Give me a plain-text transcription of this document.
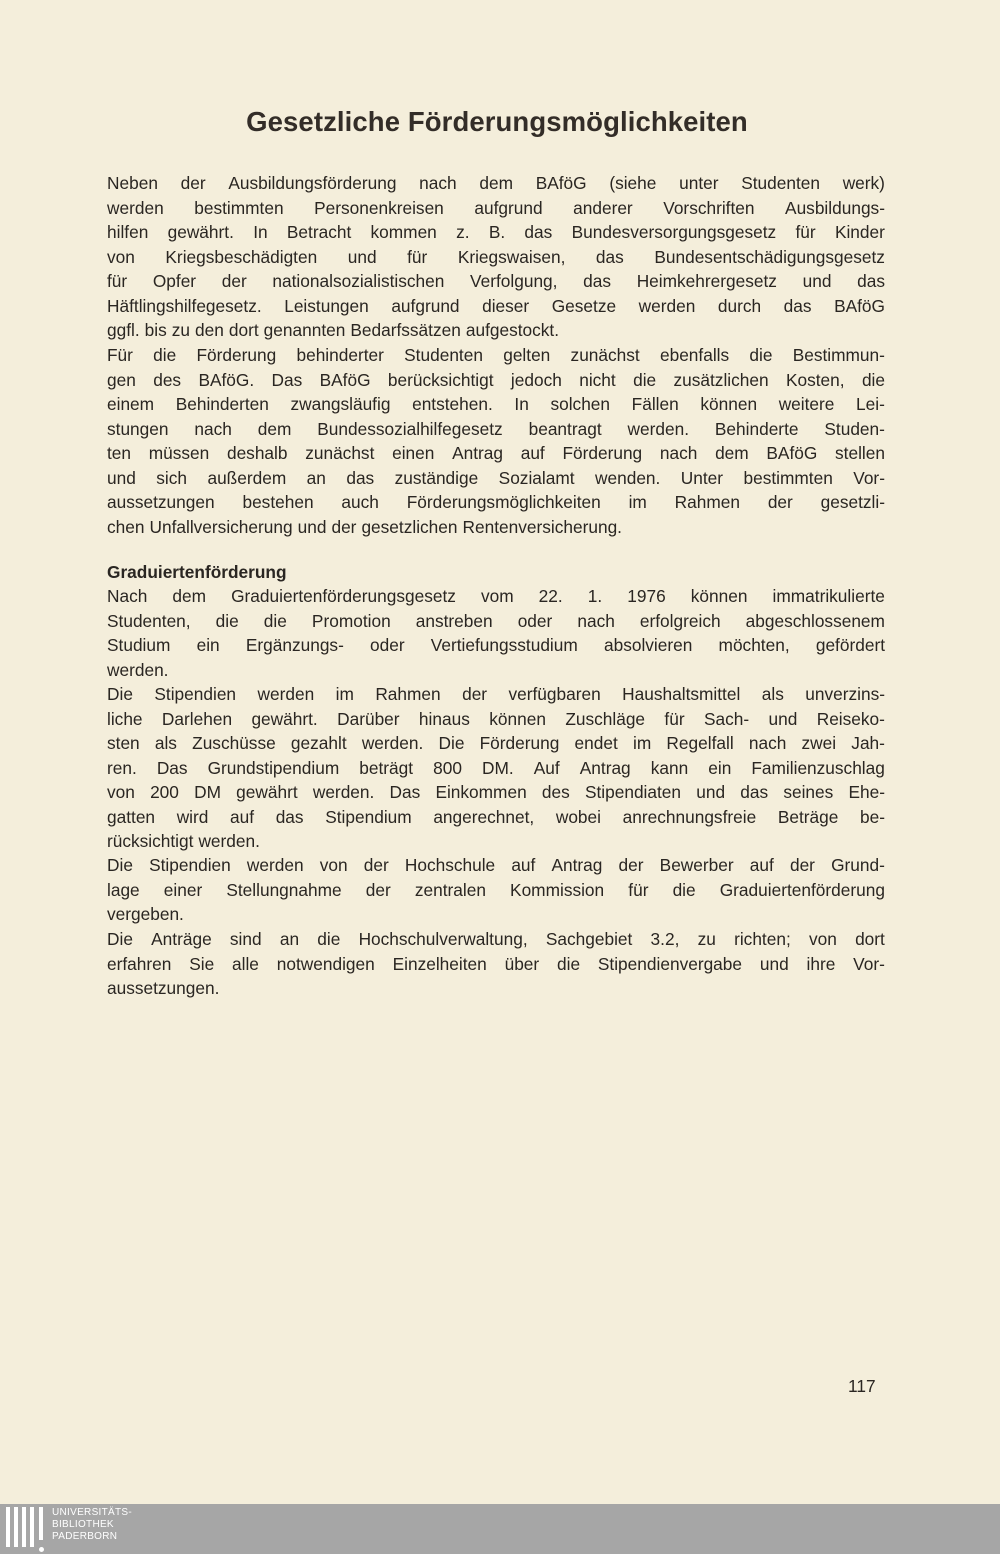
Gesetzliche Förderungsmöglichkeiten
Neben der Ausbildungsförderung nach dem BAföG (siehe unter Studenten werk)
werden bestimmten Personenkreisen aufgrund anderer Vorschriften Ausbildungs-
hilfen gewährt. In Betracht kommen z. B. das Bundesversorgungsgesetz für Kinder
von Kriegsbeschädigten und für Kriegswaisen, das Bundesentschädigungsgesetz
für Opfer der nationalsozialistischen Verfolgung, das Heimkehrergesetz und das
Häftlingshilfegesetz. Leistungen aufgrund dieser Gesetze werden durch das BAföG
ggfl. bis zu den dort genannten Bedarfssätzen aufgestockt.
Für die Förderung behinderter Studenten gelten zunächst ebenfalls die Bestimmun-
gen des BAföG. Das BAföG berücksichtigt jedoch nicht die zusätzlichen Kosten, die
einem Behinderten zwangsläufig entstehen. In solchen Fällen können weitere Lei-
stungen nach dem Bundessozialhilfegesetz beantragt werden. Behinderte Studen-
ten müssen deshalb zunächst einen Antrag auf Förderung nach dem BAföG stellen
und sich außerdem an das zuständige Sozialamt wenden. Unter bestimmten Vor-
aussetzungen bestehen auch Förderungsmöglichkeiten im Rahmen der gesetzli-
chen Unfallversicherung und der gesetzlichen Rentenversicherung.
Graduiertenförderung
Nach dem Graduiertenförderungsgesetz vom 22. 1. 1976 können immatrikulierte
Studenten, die die Promotion anstreben oder nach erfolgreich abgeschlossenem
Studium ein Ergänzungs- oder Vertiefungsstudium absolvieren möchten, gefördert
werden.
Die Stipendien werden im Rahmen der verfügbaren Haushaltsmittel als unverzins-
liche Darlehen gewährt. Darüber hinaus können Zuschläge für Sach- und Reiseko-
sten als Zuschüsse gezahlt werden. Die Förderung endet im Regelfall nach zwei Jah-
ren. Das Grundstipendium beträgt 800 DM. Auf Antrag kann ein Familienzuschlag
von 200 DM gewährt werden. Das Einkommen des Stipendiaten und das seines Ehe-
gatten wird auf das Stipendium angerechnet, wobei anrechnungsfreie Beträge be-
rücksichtigt werden.
Die Stipendien werden von der Hochschule auf Antrag der Bewerber auf der Grund-
lage einer Stellungnahme der zentralen Kommission für die Graduiertenförderung
vergeben.
Die Anträge sind an die Hochschulverwaltung, Sachgebiet 3.2, zu richten; von dort
erfahren Sie alle notwendigen Einzelheiten über die Stipendienvergabe und ihre Vor-
aussetzungen.
117
UNIVERSITÄTS-
BIBLIOTHEK
PADERBORN
